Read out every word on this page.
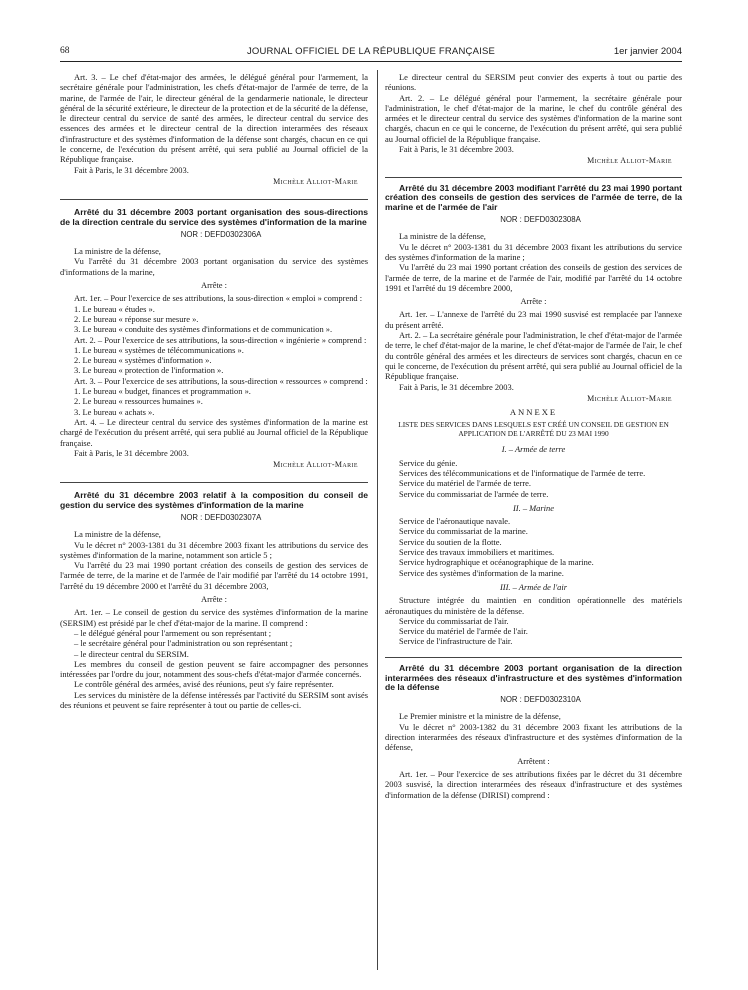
68	JOURNAL OFFICIEL DE LA RÉPUBLIQUE FRANÇAISE	1er janvier 2004

Art. 3. – Le chef d'état-major des armées, le délégué général pour l'armement, la secrétaire générale pour l'administration, les chefs d'état-major de l'armée de terre, de la marine, de l'armée de l'air, le directeur général de la gendarmerie nationale, le directeur général de la sécurité extérieure, le directeur de la protection et de la sécurité de la défense, le directeur central du service de santé des armées, le directeur central du service des essences des armées et le directeur central de la direction interarmées des réseaux d'infrastructure et des systèmes d'information de la défense sont chargés, chacun en ce qui le concerne, de l'exécution du présent arrêté, qui sera publié au Journal officiel de la République française.

Fait à Paris, le 31 décembre 2003.

Michèle Alliot-Marie

Arrêté du 31 décembre 2003 portant organisation des sous-directions de la direction centrale du service des systèmes d'information de la marine

NOR : DEFD0302306A

La ministre de la défense,

Vu l'arrêté du 31 décembre 2003 portant organisation du service des systèmes d'informations de la marine,

Arrête :

Art. 1er. – Pour l'exercice de ses attributions, la sous-direction « emploi » comprend :

1. Le bureau « études ».

2. Le bureau « réponse sur mesure ».

3. Le bureau « conduite des systèmes d'informations et de communication ».

Art. 2. – Pour l'exercice de ses attributions, la sous-direction « ingénierie » comprend :

1. Le bureau « systèmes de télécommunications ».

2. Le bureau « systèmes d'information ».

3. Le bureau « protection de l'information ».

Art. 3. – Pour l'exercice de ses attributions, la sous-direction « ressources » comprend :

1. Le bureau « budget, finances et programmation ».

2. Le bureau « ressources humaines ».

3. Le bureau « achats ».

Art. 4. – Le directeur central du service des systèmes d'information de la marine est chargé de l'exécution du présent arrêté, qui sera publié au Journal officiel de la République française.

Fait à Paris, le 31 décembre 2003.

Michèle Alliot-Marie

Arrêté du 31 décembre 2003 relatif à la composition du conseil de gestion du service des systèmes d'information de la marine

NOR : DEFD0302307A

La ministre de la défense,

Vu le décret n° 2003-1381 du 31 décembre 2003 fixant les attributions du service des systèmes d'information de la marine, notamment son article 5 ;

Vu l'arrêté du 23 mai 1990 portant création des conseils de gestion des services de l'armée de terre, de la marine et de l'armée de l'air modifié par l'arrêté du 14 octobre 1991, l'arrêté du 19 décembre 2000 et l'arrêté du 31 décembre 2003,

Arrête :

Art. 1er. – Le conseil de gestion du service des systèmes d'information de la marine (SERSIM) est présidé par le chef d'état-major de la marine. Il comprend :

– le délégué général pour l'armement ou son représentant ;

– le secrétaire général pour l'administration ou son représentant ;

– le directeur central du SERSIM.

Les membres du conseil de gestion peuvent se faire accompagner des personnes intéressées par l'ordre du jour, notamment des sous-chefs d'état-major d'armée concernés.

Le contrôle général des armées, avisé des réunions, peut s'y faire représenter.

Les services du ministère de la défense intéressés par l'activité du SERSIM sont avisés des réunions et peuvent se faire représenter à tout ou partie de celles-ci.

Le directeur central du SERSIM peut convier des experts à tout ou partie des réunions.

Art. 2. – Le délégué général pour l'armement, la secrétaire générale pour l'administration, le chef d'état-major de la marine, le chef du contrôle général des armées et le directeur central du service des systèmes d'information de la marine sont chargés, chacun en ce qui le concerne, de l'exécution du présent arrêté, qui sera publié au Journal officiel de la République française.

Fait à Paris, le 31 décembre 2003.

Michèle Alliot-Marie

Arrêté du 31 décembre 2003 modifiant l'arrêté du 23 mai 1990 portant création des conseils de gestion des services de l'armée de terre, de la marine et de l'armée de l'air

NOR : DEFD0302308A

La ministre de la défense,

Vu le décret n° 2003-1381 du 31 décembre 2003 fixant les attributions du service des systèmes d'information de la marine ;

Vu l'arrêté du 23 mai 1990 portant création des conseils de gestion des services de l'armée de terre, de la marine et de l'armée de l'air, modifié par l'arrêté du 14 octobre 1991 et l'arrêté du 19 décembre 2000,

Arrête :

Art. 1er. – L'annexe de l'arrêté du 23 mai 1990 susvisé est remplacée par l'annexe du présent arrêté.

Art. 2. – La secrétaire générale pour l'administration, le chef d'état-major de l'armée de terre, le chef d'état-major de la marine, le chef d'état-major de l'armée de l'air, le chef du contrôle général des armées et les directeurs de services sont chargés, chacun en ce qui le concerne, de l'exécution du présent arrêté, qui sera publié au Journal officiel de la République française.

Fait à Paris, le 31 décembre 2003.

Michèle Alliot-Marie

ANNEXE

LISTE DES SERVICES DANS LESQUELS EST CRÉÉ UN CONSEIL DE GESTION EN APPLICATION DE L'ARRÊTÉ DU 23 MAI 1990

I. – Armée de terre

Service du génie.

Services des télécommunications et de l'informatique de l'armée de terre.

Service du matériel de l'armée de terre.

Service du commissariat de l'armée de terre.

II. – Marine

Service de l'aéronautique navale.

Service du commissariat de la marine.

Service du soutien de la flotte.

Service des travaux immobiliers et maritimes.

Service hydrographique et océanographique de la marine.

Service des systèmes d'information de la marine.

III. – Armée de l'air

Structure intégrée du maintien en condition opérationnelle des matériels aéronautiques du ministère de la défense.

Service du commissariat de l'air.

Service du matériel de l'armée de l'air.

Service de l'infrastructure de l'air.

Arrêté du 31 décembre 2003 portant organisation de la direction interarmées des réseaux d'infrastructure et des systèmes d'information de la défense

NOR : DEFD0302310A

Le Premier ministre et la ministre de la défense,

Vu le décret n° 2003-1382 du 31 décembre 2003 fixant les attributions de la direction interarmées des réseaux d'infrastructure et des systèmes d'information de la défense,

Arrêtent :

Art. 1er. – Pour l'exercice de ses attributions fixées par le décret du 31 décembre 2003 susvisé, la direction interarmées des réseaux d'infrastructure et des systèmes d'information de la défense (DIRISI) comprend :
